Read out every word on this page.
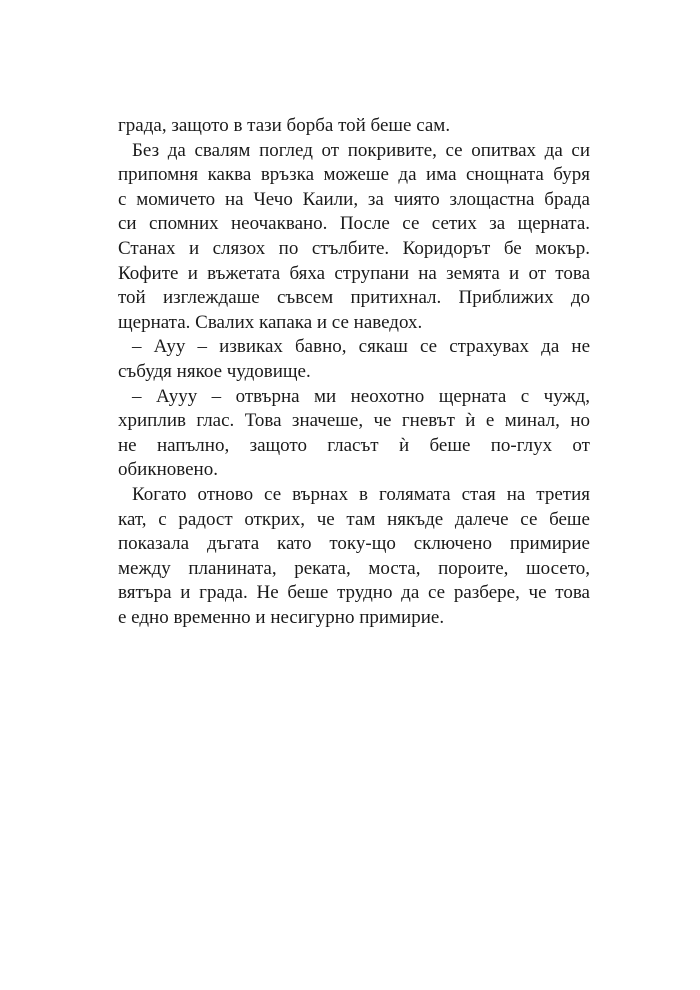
града, защото в тази борба той беше сам.
Без да свалям поглед от покривите, се опитвах да си
припомня каква връзка можеше да има снощната буря
с момичето на Чечо Каили, за чиято злощастна брада
си спомних неочаквано. После се сетих за щерната.
Станах и слязох по стълбите. Коридорът бе мокър.
Кофите и въжетата бяха струпани на земята и от това
той изглеждаше съвсем притихнал. Приближих до
щерната. Свалих капака и се наведох.
– Ауу – извиках бавно, сякаш се страхувах да не
събудя някое чудовище.
– Аууу – отвърна ми неохотно щерната с чужд,
хриплив глас. Това значеше, че гневът ѝ е минал, но
не напълно, защото гласът ѝ беше по-глух от
обикновено.
Когато отново се върнах в голямата стая на третия
кат, с радост открих, че там някъде далече се беше
показала дъгата като току-що сключено примирие
между планината, реката, моста, пороите, шосето,
вятъра и града. Не беше трудно да се разбере, че това
е едно временно и несигурно примирие.
